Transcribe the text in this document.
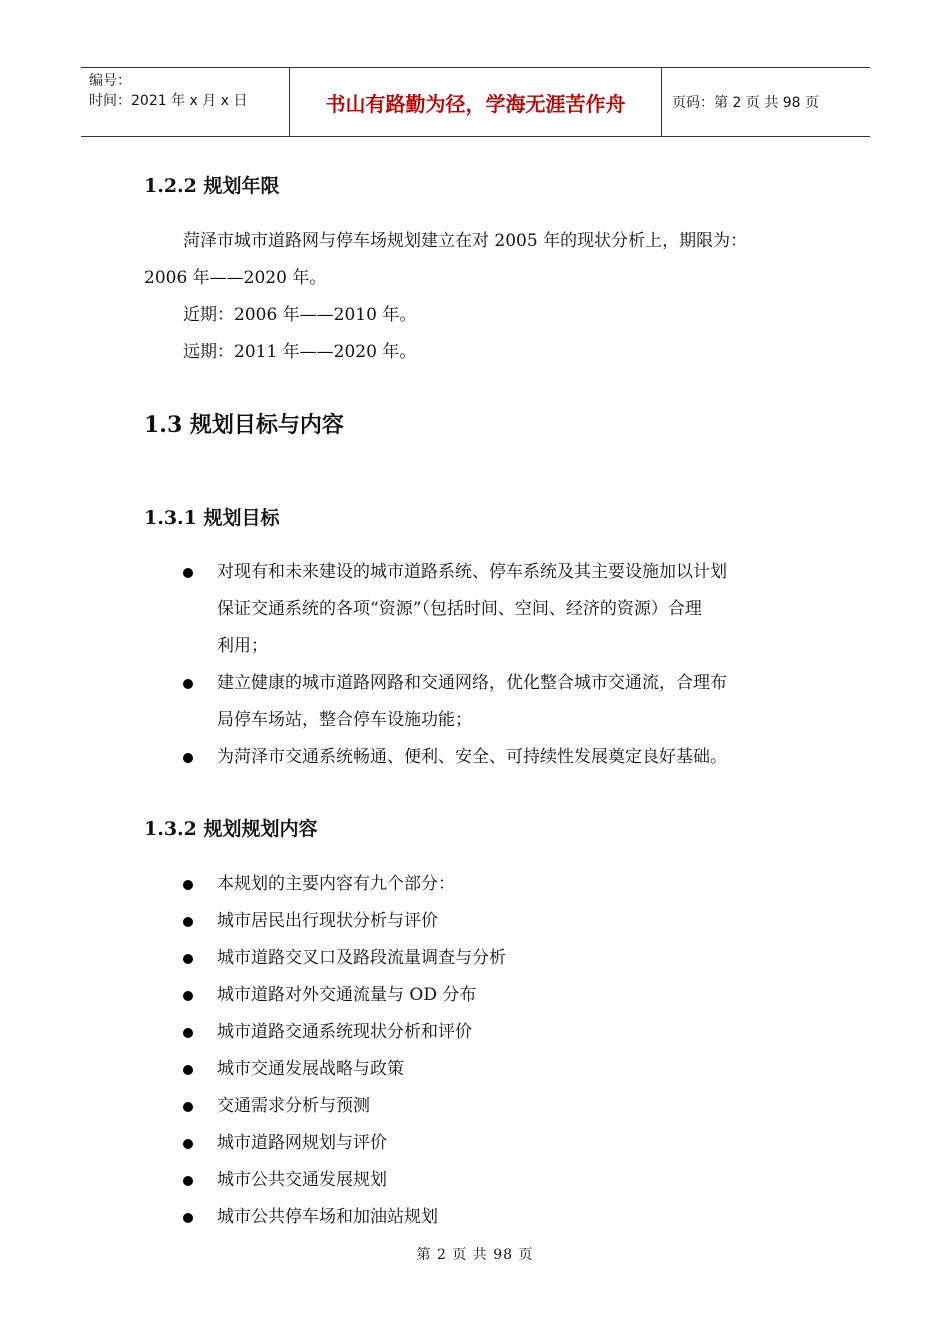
编号：
时间：2021 年 x 月 x 日	书山有路勤为径，学海无涯苦作舟	页码：第 2 页 共 98 页
1.2.2 规划年限
菏泽市城市道路网与停车场规划建立在对 2005 年的现状分析上，期限为：
2006 年——2020 年。
近期：2006 年——2010 年。
远期：2011 年——2020 年。
1.3 规划目标与内容
1.3.1 规划目标
对现有和未来建设的城市道路系统、停车系统及其主要设施加以计划
保证交通系统的各项“资源”（包括时间、空间、经济的资源）合理
利用；
建立健康的城市道路网路和交通网络，优化整合城市交通流，合理布
局停车场站，整合停车设施功能；
为菏泽市交通系统畅通、便利、安全、可持续性发展奠定良好基础。
1.3.2 规划规划内容
本规划的主要内容有九个部分：
城市居民出行现状分析与评价
城市道路交叉口及路段流量调查与分析
城市道路对外交通流量与 OD 分布
城市道路交通系统现状分析和评价
城市交通发展战略与政策
交通需求分析与预测
城市道路网规划与评价
城市公共交通发展规划
城市公共停车场和加油站规划
第 2 页 共 98 页
